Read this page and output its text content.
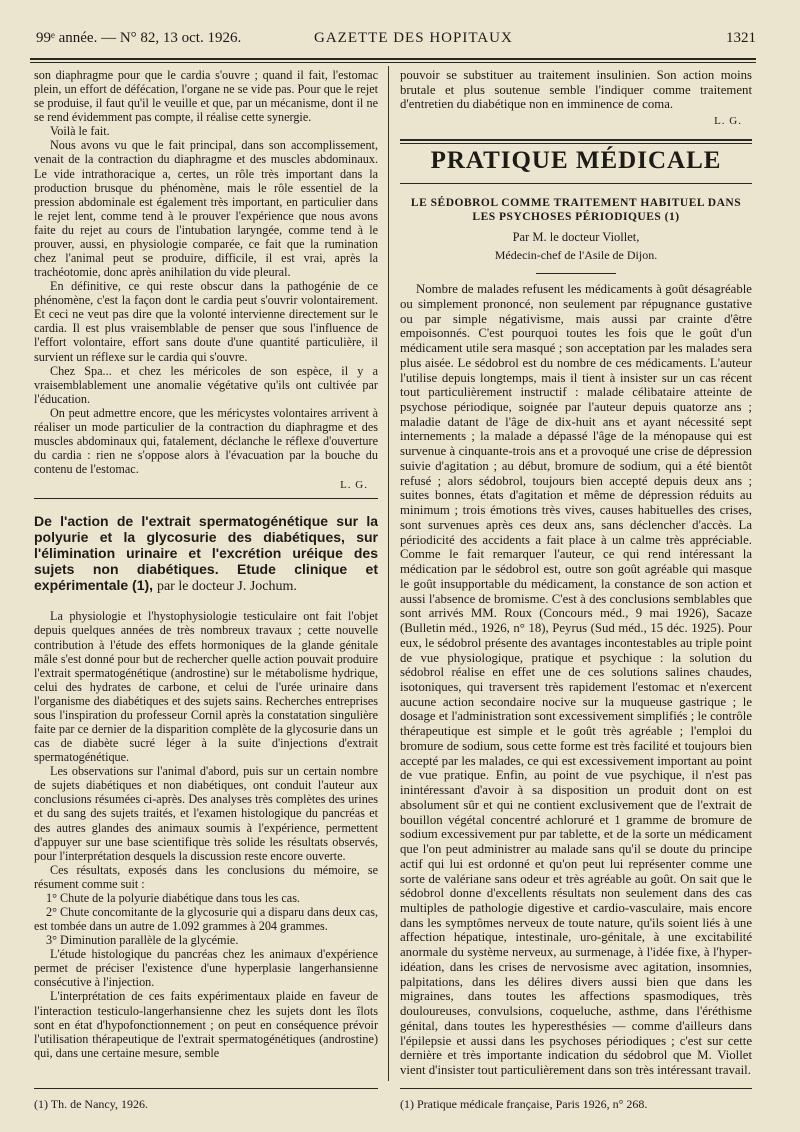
99ᵉ année. — N° 82, 13 oct. 1926.	GAZETTE DES HOPITAUX	1321

son diaphragme pour que le cardia s'ouvre ; quand il fait, l'estomac plein, un effort de défécation, l'organe ne se vide pas. Pour que le rejet se produise, il faut qu'il le veuille et que, par un mécanisme, dont il ne se rend évidemment pas compte, il réalise cette synergie.

Voilà le fait.

Nous avons vu que le fait principal, dans son accomplissement, venait de la contraction du diaphragme et des muscles abdominaux. Le vide intrathoracique a, certes, un rôle très important dans la production brusque du phénomène, mais le rôle essentiel de la pression abdominale est également très important, en particulier dans le rejet lent, comme tend à le prouver l'expérience que nous avons faite du rejet au cours de l'intubation laryngée, comme tend à le prouver, aussi, en physiologie comparée, ce fait que la rumination chez l'animal peut se produire, difficile, il est vrai, après la trachéotomie, donc après anihilation du vide pleural.

En définitive, ce qui reste obscur dans la pathogénie de ce phénomène, c'est la façon dont le cardia peut s'ouvrir volontairement. Et ceci ne veut pas dire que la volonté intervienne directement sur le cardia. Il est plus vraisemblable de penser que sous l'influence de l'effort volontaire, effort sans doute d'une quantité particulière, il survient un réflexe sur le cardia qui s'ouvre.

Chez Spa... et chez les méricoles de son espèce, il y a vraisemblablement une anomalie végétative qu'ils ont cultivée par l'éducation.

On peut admettre encore, que les méricystes volontaires arrivent à réaliser un mode particulier de la contraction du diaphragme et des muscles abdominaux qui, fatalement, déclanche le réflexe d'ouverture du cardia : rien ne s'oppose alors à l'évacuation par la bouche du contenu de l'estomac.

L. G.
De l'action de l'extrait spermatogénétique sur la polyurie et la glycosurie des diabétiques, sur l'élimination urinaire et l'excrétion uréique des sujets non diabétiques. Etude clinique et expérimentale (1), par le docteur J. Jochum.

La physiologie et l'hystophysiologie testiculaire ont fait l'objet depuis quelques années de très nombreux travaux ; cette nouvelle contribution à l'étude des effets hormoniques de la glande génitale mâle s'est donné pour but de rechercher quelle action pouvait produire l'extrait spermatogénétique (androstine) sur le métabolisme hydrique, celui des hydrates de carbone, et celui de l'urée urinaire dans l'organisme des diabétiques et des sujets sains. Recherches entreprises sous l'inspiration du professeur Cornil après la constatation singulière faite par ce dernier de la disparition complète de la glycosurie dans un cas de diabète sucré léger à la suite d'injections d'extrait spermatogénétique.

Les observations sur l'animal d'abord, puis sur un certain nombre de sujets diabétiques et non diabétiques, ont conduit l'auteur aux conclusions résumées ci-après. Des analyses très complètes des urines et du sang des sujets traités, et l'examen histologique du pancréas et des autres glandes des animaux soumis à l'expérience, permettent d'appuyer sur une base scientifique très solide les résultats observés, pour l'interprétation desquels la discussion reste encore ouverte.

Ces résultats, exposés dans les conclusions du mémoire, se résument comme suit :

1° Chute de la polyurie diabétique dans tous les cas.

2° Chute concomitante de la glycosurie qui a disparu dans deux cas, est tombée dans un autre de 1.092 grammes à 204 grammes.

3° Diminution parallèle de la glycémie.

L'étude histologique du pancréas chez les animaux d'expérience permet de préciser l'existence d'une hyperplasie langerhansienne consécutive à l'injection.

L'interprétation de ces faits expérimentaux plaide en faveur de l'interaction testiculo-langerhansienne chez les sujets dont les îlots sont en état d'hypofonctionnement ; on peut en conséquence prévoir l'utilisation thérapeutique de l'extrait spermatogénétiques (androstine) qui, dans une certaine mesure, semble

pouvoir se substituer au traitement insulinien. Son action moins brutale et plus soutenue semble l'indiquer comme traitement d'entretien du diabétique non en imminence de coma.

L. G.
PRATIQUE MÉDICALE
LE SÉDOBROL COMME TRAITEMENT HABITUEL DANS LES PSYCHOSES PÉRIODIQUES (1)
Par M. le docteur Viollet,
Médecin-chef de l'Asile de Dijon.

Nombre de malades refusent les médicaments à goût désagréable ou simplement prononcé, non seulement par répugnance gustative ou par simple négativisme, mais aussi par crainte d'être empoisonnés. C'est pourquoi toutes les fois que le goût d'un médicament utile sera masqué ; son acceptation par les malades sera plus aisée. Le sédobrol est du nombre de ces médicaments. L'auteur l'utilise depuis longtemps, mais il tient à insister sur un cas récent tout particulièrement instructif : malade célibataire atteinte de psychose périodique, soignée par l'auteur depuis quatorze ans ; maladie datant de l'âge de dix-huit ans et ayant nécessité sept internements ; la malade a dépassé l'âge de la ménopause qui est survenue à cinquante-trois ans et a provoqué une crise de dépression suivie d'agitation ; au début, bromure de sodium, qui a été bientôt refusé ; alors sédobrol, toujours bien accepté depuis deux ans ; suites bonnes, états d'agitation et même de dépression réduits au minimum ; trois émotions très vives, causes habituelles des crises, sont survenues après ces deux ans, sans déclencher d'accès. La périodicité des accidents a fait place à un calme très appréciable. Comme le fait remarquer l'auteur, ce qui rend intéressant la médication par le sédobrol est, outre son goût agréable qui masque le goût insupportable du médicament, la constance de son action et aussi l'absence de bromisme. C'est à des conclusions semblables que sont arrivés MM. Roux (Concours méd., 9 mai 1926), Sacaze (Bulletin méd., 1926, n° 18), Peyrus (Sud méd., 15 déc. 1925). Pour eux, le sédobrol présente des avantages incontestables au triple point de vue physiologique, pratique et psychique : la solution du sédobrol réalise en effet une de ces solutions salines chaudes, isotoniques, qui traversent très rapidement l'estomac et n'exercent aucune action secondaire nocive sur la muqueuse gastrique ; le dosage et l'administration sont excessivement simplifiés ; le contrôle thérapeutique est simple et le goût très agréable ; l'emploi du bromure de sodium, sous cette forme est très facilité et toujours bien accepté par les malades, ce qui est excessivement important au point de vue pratique. Enfin, au point de vue psychique, il n'est pas inintéressant d'avoir à sa disposition un produit dont on est absolument sûr et qui ne contient exclusivement que de l'extrait de bouillon végétal concentré achloruré et 1 gramme de bromure de sodium excessivement pur par tablette, et de la sorte un médicament que l'on peut administrer au malade sans qu'il se doute du principe actif qui lui est ordonné et qu'on peut lui représenter comme une sorte de valériane sans odeur et très agréable au goût. On sait que le sédobrol donne d'excellents résultats non seulement dans des cas multiples de pathologie digestive et cardio-vasculaire, mais encore dans les symptômes nerveux de toute nature, qu'ils soient liés à une affection hépatique, intestinale, uro-génitale, à une excitabilité anormale du système nerveux, au surmenage, à l'idée fixe, à l'hyper-idéation, dans les crises de nervosisme avec agitation, insomnies, palpitations, dans les délires divers aussi bien que dans les migraines, dans toutes les affections spasmodiques, très douloureuses, convulsions, coqueluche, asthme, dans l'éréthisme génital, dans toutes les hyperesthésies — comme d'ailleurs dans l'épilepsie et aussi dans les psychoses périodiques ; c'est sur cette dernière et très importante indication du sédobrol que M. Viollet vient d'insister tout particulièrement dans son très intéressant travail.

(1) Th. de Nancy, 1926.	(1) Pratique médicale française, Paris 1926, n° 268.
